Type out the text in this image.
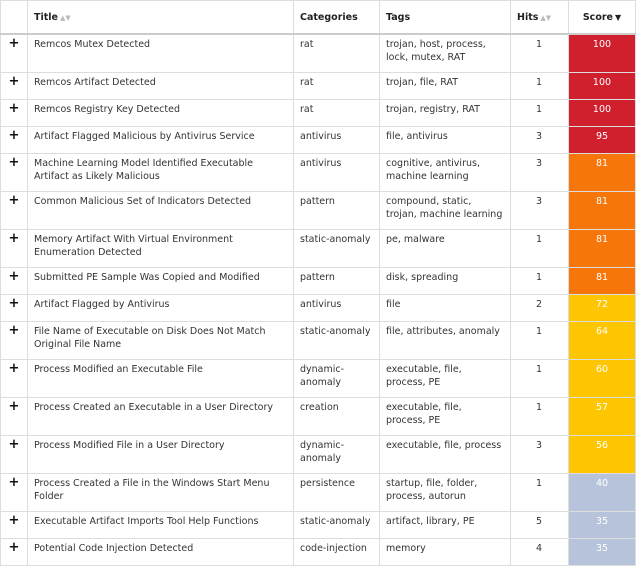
	Title ▲▼	Categories	Tags	Hits ▲▼	Score ▼
+	Remcos Mutex Detected	rat	trojan, host, process, lock, mutex, RAT	1	100
+	Remcos Artifact Detected	rat	trojan, file, RAT	1	100
+	Remcos Registry Key Detected	rat	trojan, registry, RAT	1	100
+	Artifact Flagged Malicious by Antivirus Service	antivirus	file, antivirus	3	95
+	Machine Learning Model Identified Executable Artifact as Likely Malicious	antivirus	cognitive, antivirus, machine learning	3	81
+	Common Malicious Set of Indicators Detected	pattern	compound, static, trojan, machine learning	3	81
+	Memory Artifact With Virtual Environment Enumeration Detected	static-anomaly	pe, malware	1	81
+	Submitted PE Sample Was Copied and Modified	pattern	disk, spreading	1	81
+	Artifact Flagged by Antivirus	antivirus	file	2	72
+	File Name of Executable on Disk Does Not Match Original File Name	static-anomaly	file, attributes, anomaly	1	64
+	Process Modified an Executable File	dynamic-anomaly	executable, file, process, PE	1	60
+	Process Created an Executable in a User Directory	creation	executable, file, process, PE	1	57
+	Process Modified File in a User Directory	dynamic-anomaly	executable, file, process	3	56
+	Process Created a File in the Windows Start Menu Folder	persistence	startup, file, folder, process, autorun	1	40
+	Executable Artifact Imports Tool Help Functions	static-anomaly	artifact, library, PE	5	35
+	Potential Code Injection Detected	code-injection	memory	4	35
